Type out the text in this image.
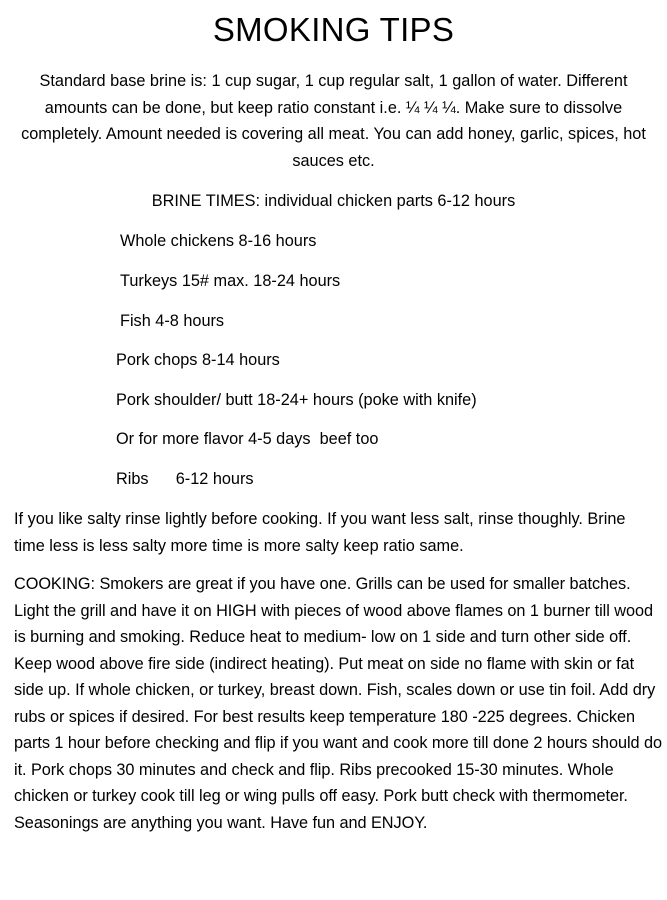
SMOKING TIPS

Standard base brine is: 1 cup sugar, 1 cup regular salt, 1 gallon of water. Different amounts can be done, but keep ratio constant i.e. ¼ ¼ ¼. Make sure to dissolve completely. Amount needed is covering all meat. You can add honey, garlic, spices, hot sauces etc.

BRINE TIMES: individual chicken parts 6-12 hours

Whole chickens 8-16 hours
Turkeys 15# max. 18-24 hours
Fish 4-8 hours
Pork chops 8-14 hours
Pork shoulder/ butt 18-24+ hours (poke with knife)
Or for more flavor 4-5 days  beef too
Ribs      6-12 hours

If you like salty rinse lightly before cooking. If you want less salt, rinse thoughly. Brine time less is less salty more time is more salty keep ratio same.

COOKING: Smokers are great if you have one. Grills can be used for smaller batches. Light the grill and have it on HIGH with pieces of wood above flames on 1 burner till wood is burning and smoking. Reduce heat to medium- low on 1 side and turn other side off. Keep wood above fire side (indirect heating). Put meat on side no flame with skin or fat side up. If whole chicken, or turkey, breast down. Fish, scales down or use tin foil. Add dry rubs or spices if desired. For best results keep temperature 180 -225 degrees. Chicken parts 1 hour before checking and flip if you want and cook more till done 2 hours should do it. Pork chops 30 minutes and check and flip. Ribs precooked 15-30 minutes. Whole chicken or turkey cook till leg or wing pulls off easy. Pork butt check with thermometer. Seasonings are anything you want. Have fun and ENJOY.
